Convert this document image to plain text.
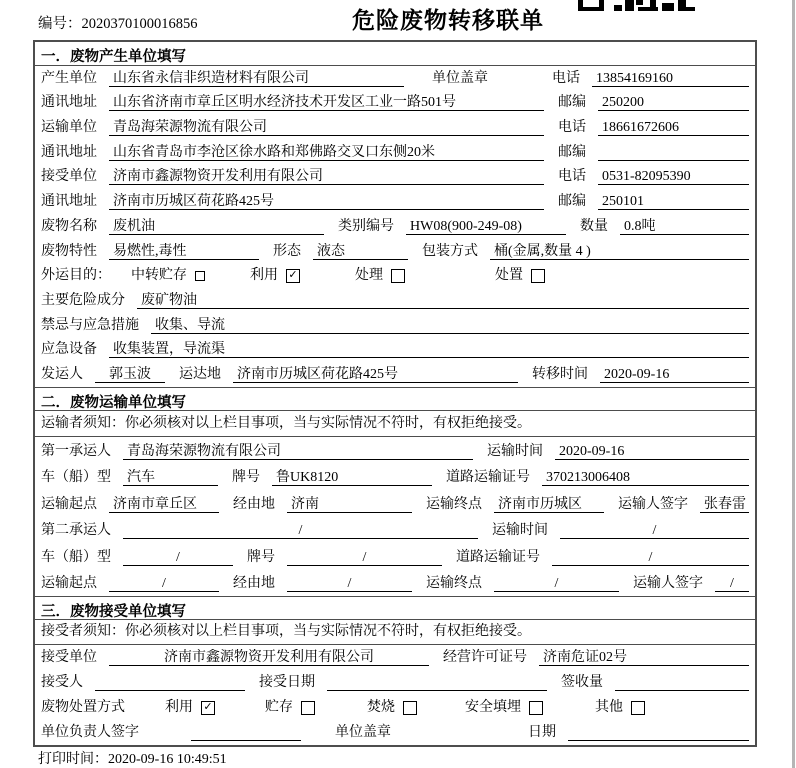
编号：2020370100016856	危险废物转移联单
一．废物产生单位填写
产生单位 山东省永信非织造材料有限公司	单位盖章	电话 13854169160
通讯地址 山东省济南市章丘区明水经济技术开发区工业一路501号	邮编 250200
运输单位 青岛海荣源物流有限公司	电话 18661672606
通讯地址 山东省青岛市李沧区徐水路和郑佛路交叉口东侧20米	邮编
接受单位 济南市鑫源物资开发利用有限公司	电话 0531-82095390
通讯地址 济南市历城区荷花路425号	邮编 250101
废物名称 废机油	类别编号 HW08(900-249-08)	数量 0.8吨
废物特性 易燃性,毒性	形态 液态	包装方式 桶(金属,数量 4 )
外运目的： 中转贮存	利用 ✓	处理	处置
主要危险成分 废矿物油
禁忌与应急措施 收集、导流
应急设备 收集装置，导流渠
发运人	郭玉波	运达地 济南市历城区荷花路425号	转移时间 2020-09-16
二．废物运输单位填写
运输者须知：你必须核对以上栏目事项，当与实际情况不符时，有权拒绝接受。
第一承运人 青岛海荣源物流有限公司	运输时间 2020-09-16
车（船）型 汽车	牌号 鲁UK8120	道路运输证号 370213006408
运输起点 济南市章丘区	经由地 济南	运输终点 济南市历城区	运输人签字 张春雷
第二承运人	/	运输时间	/
车（船）型	/	牌号	/	道路运输证号	/
运输起点	/	经由地	/	运输终点	/	运输人签字	/
三．废物接受单位填写
接受者须知：你必须核对以上栏目事项，当与实际情况不符时，有权拒绝接受。
接受单位	济南市鑫源物资开发利用有限公司	经营许可证号 济南危证02号
接受人	接受日期	签收量
废物处置方式	利用 ✓	贮存	焚烧	安全填埋	其他
单位负责人签字	单位盖章	日期
打印时间：2020-09-16 10:49:51
